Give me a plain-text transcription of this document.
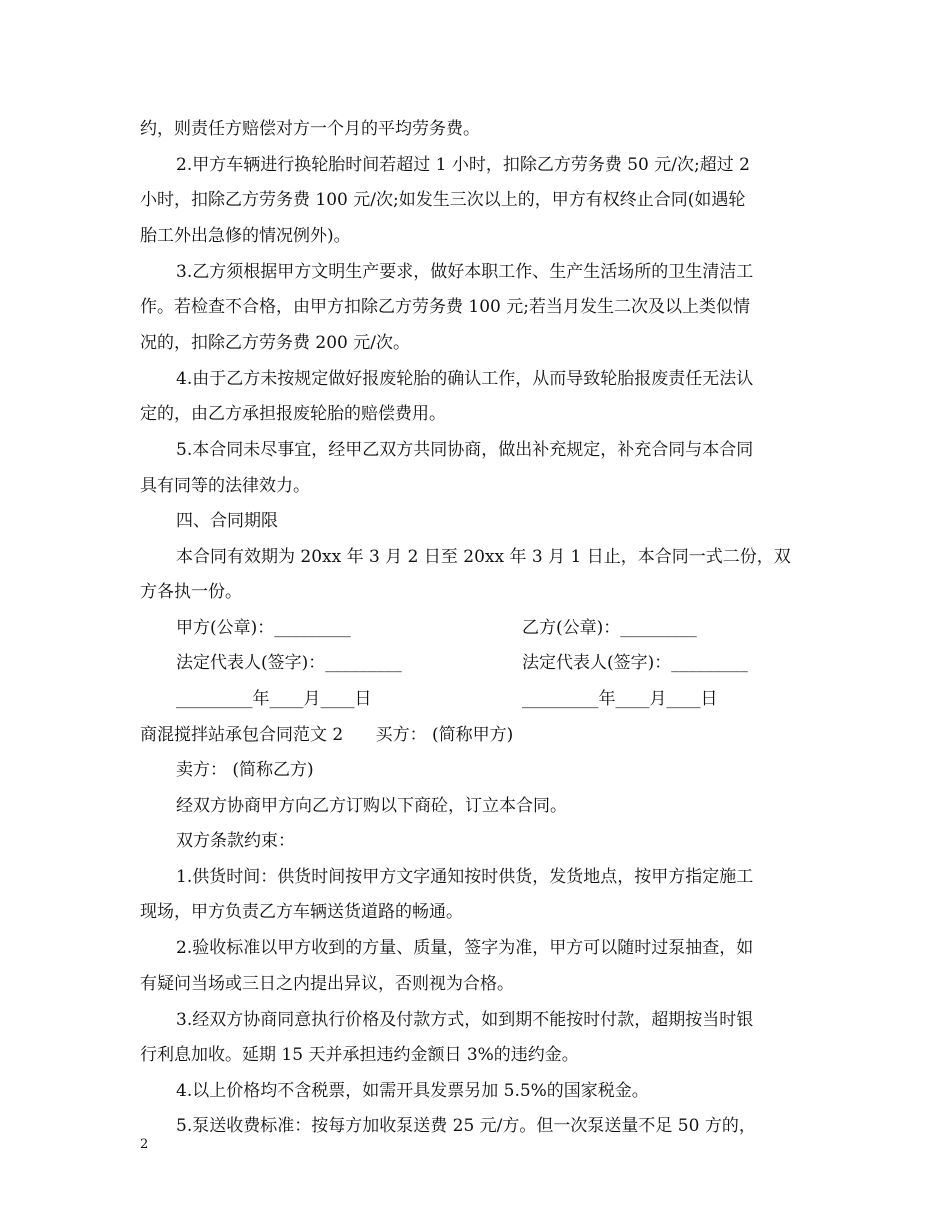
约，则责任方赔偿对方一个月的平均劳务费。
2.甲方车辆进行换轮胎时间若超过 1 小时，扣除乙方劳务费 50 元/次;超过 2
小时，扣除乙方劳务费 100 元/次;如发生三次以上的，甲方有权终止合同(如遇轮
胎工外出急修的情况例外)。
3.乙方须根据甲方文明生产要求，做好本职工作、生产生活场所的卫生清洁工
作。若检查不合格，由甲方扣除乙方劳务费 100 元;若当月发生二次及以上类似情
况的，扣除乙方劳务费 200 元/次。
4.由于乙方未按规定做好报废轮胎的确认工作，从而导致轮胎报废责任无法认
定的，由乙方承担报废轮胎的赔偿费用。
5.本合同未尽事宜，经甲乙双方共同协商，做出补充规定，补充合同与本合同
具有同等的法律效力。
四、合同期限
本合同有效期为 20xx 年 3 月 2 日至 20xx 年 3 月 1 日止，本合同一式二份，双
方各执一份。
甲方(公章)：_________	乙方(公章)：_________
法定代表人(签字)：_________	法定代表人(签字)：_________
_________年____月____日	_________年____月____日
商混搅拌站承包合同范文 2      买方： (简称甲方)
卖方： (简称乙方)
经双方协商甲方向乙方订购以下商砼，订立本合同。
双方条款约束：
1.供货时间：供货时间按甲方文字通知按时供货，发货地点，按甲方指定施工
现场，甲方负责乙方车辆送货道路的畅通。
2.验收标准以甲方收到的方量、质量，签字为准，甲方可以随时过泵抽查，如
有疑问当场或三日之内提出异议，否则视为合格。
3.经双方协商同意执行价格及付款方式，如到期不能按时付款，超期按当时银
行利息加收。延期 15 天并承担违约金额日 3%的违约金。
4.以上价格均不含税票，如需开具发票另加 5.5%的国家税金。
5.泵送收费标准：按每方加收泵送费 25 元/方。但一次泵送量不足 50 方的，
2
